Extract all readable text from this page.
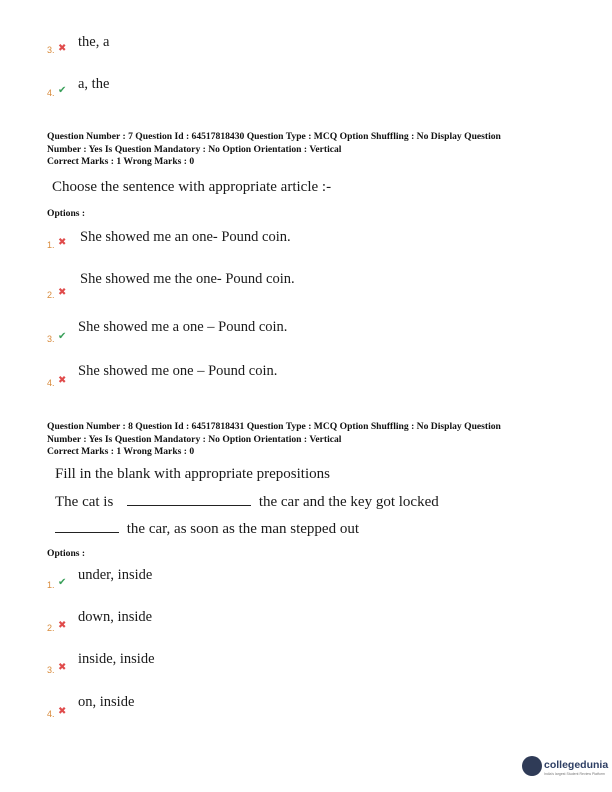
3. ✖ the, a
4. ✔ a, the
Question Number : 7 Question Id : 64517818430 Question Type : MCQ Option Shuffling : No Display Question
Number : Yes Is Question Mandatory : No Option Orientation : Vertical
Correct Marks : 1 Wrong Marks : 0
Choose the sentence with appropriate article :-
Options :
1. ✖ She showed me an one- Pound coin.
2. ✖
She showed me the one- Pound coin.
3. ✔
She showed me a one – Pound coin.
4. ✖
She showed me one – Pound coin.
Question Number : 8 Question Id : 64517818431 Question Type : MCQ Option Shuffling : No Display Question
Number : Yes Is Question Mandatory : No Option Orientation : Vertical
Correct Marks : 1 Wrong Marks : 0
Fill in the blank with appropriate prepositions
The cat is	the car and the key got locked
the car, as soon as the man stepped out
Options :
1. ✔ under, inside
2. ✖
down, inside
3. ✖
inside, inside
4. ✖
on, inside
collegedunia
India's largest Student Review Platform
